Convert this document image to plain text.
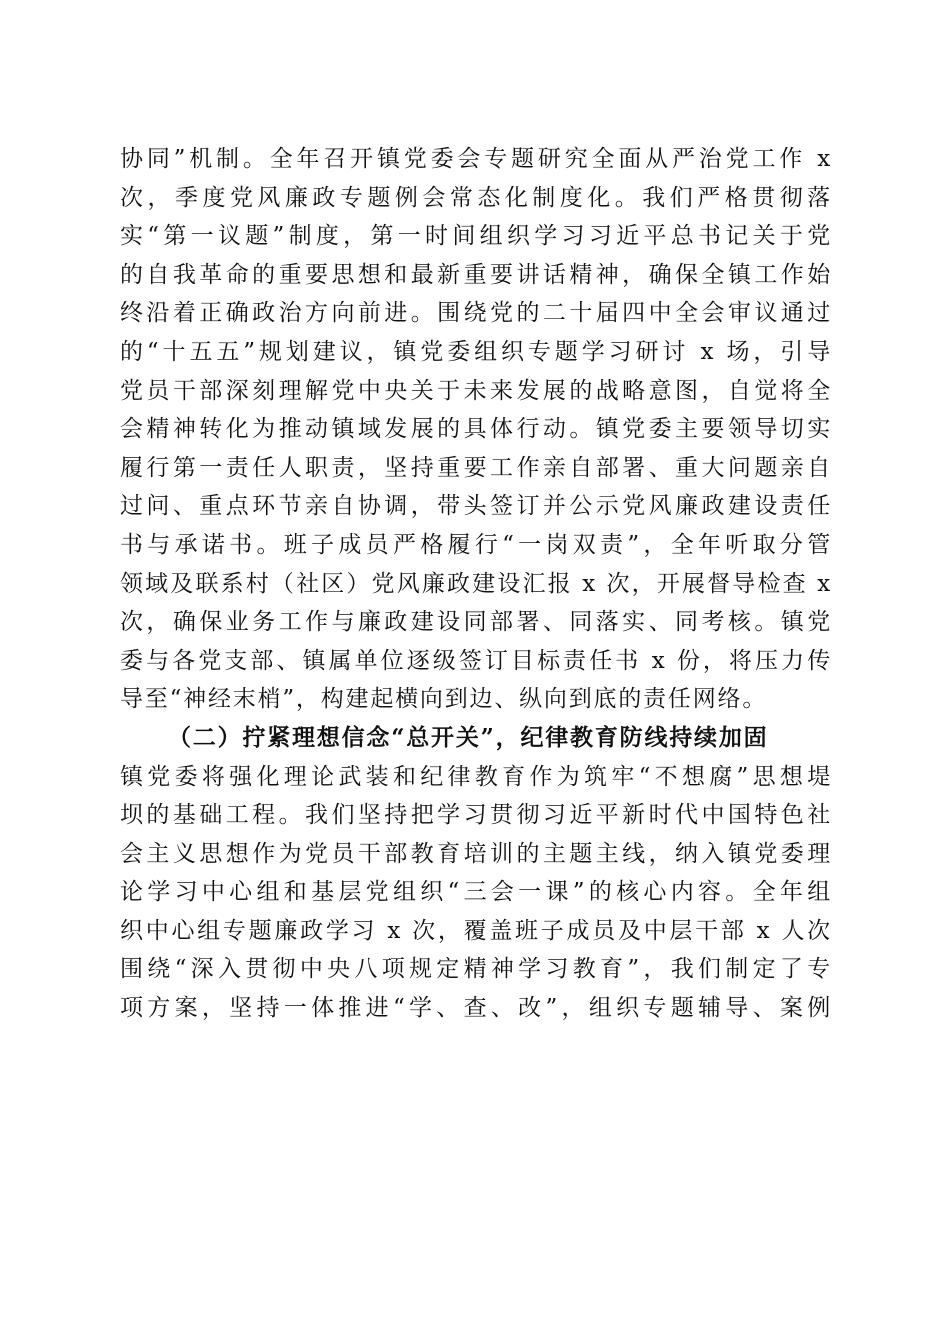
协同”机制。全年召开镇党委会专题研究全面从严治党工作 x
次，季度党风廉政专题例会常态化制度化。我们严格贯彻落
实“第一议题”制度，第一时间组织学习习近平总书记关于党
的自我革命的重要思想和最新重要讲话精神，确保全镇工作始
终沿着正确政治方向前进。围绕党的二十届四中全会审议通过
的“十五五”规划建议，镇党委组织专题学习研讨 x 场，引导
党员干部深刻理解党中央关于未来发展的战略意图，自觉将全
会精神转化为推动镇域发展的具体行动。镇党委主要领导切实
履行第一责任人职责，坚持重要工作亲自部署、重大问题亲自
过问、重点环节亲自协调，带头签订并公示党风廉政建设责任
书与承诺书。班子成员严格履行“一岗双责”，全年听取分管
领域及联系村（社区）党风廉政建设汇报 x 次，开展督导检查 x
次，确保业务工作与廉政建设同部署、同落实、同考核。镇党
委与各党支部、镇属单位逐级签订目标责任书 x 份，将压力传
导至“神经末梢”，构建起横向到边、纵向到底的责任网络。
（二）拧紧理想信念“总开关”，纪律教育防线持续加固
镇党委将强化理论武装和纪律教育作为筑牢“不想腐”思想堤
坝的基础工程。我们坚持把学习贯彻习近平新时代中国特色社
会主义思想作为党员干部教育培训的主题主线，纳入镇党委理
论学习中心组和基层党组织“三会一课”的核心内容。全年组
织中心组专题廉政学习 x 次，覆盖班子成员及中层干部 x 人次
围绕“深入贯彻中央八项规定精神学习教育”，我们制定了专
项方案，坚持一体推进“学、查、改”，组织专题辅导、案例
